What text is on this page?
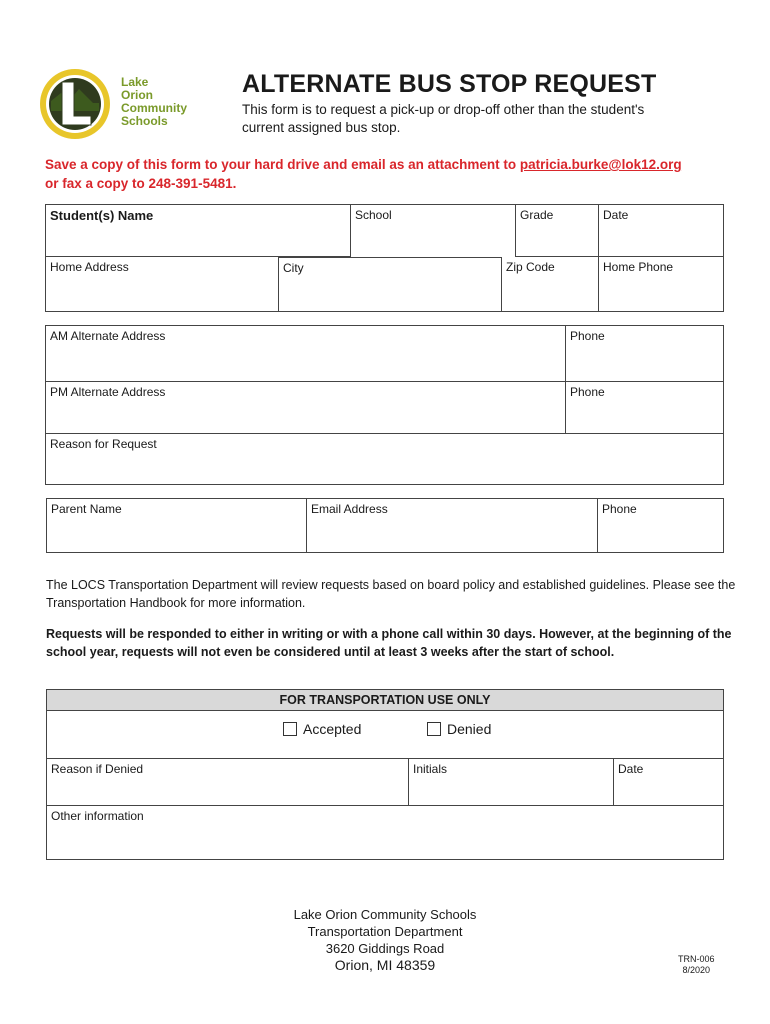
Lake
Orion
Community
Schools
ALTERNATE BUS STOP REQUEST
This form is to request a pick-up or drop-off other than the student's current assigned bus stop.
Save a copy of this form to your hard drive and email as an attachment to patricia.burke@lok12.org
or fax a copy to 248-391-5481.
Student(s) Name	School	Grade	Date
Home Address	City	Zip Code	Home Phone
AM Alternate Address	Phone
PM Alternate Address	Phone
Reason for Request
Parent Name	Email Address	Phone
The LOCS Transportation Department will review requests based on board policy and established guidelines. Please see the Transportation Handbook for more information.
Requests will be responded to either in writing or with a phone call within 30 days. However, at the beginning of the school year, requests will not even be considered until at least 3 weeks after the start of school.
FOR TRANSPORTATION USE ONLY
Accepted	Denied
Reason if Denied	Initials	Date
Other information
Lake Orion Community Schools
Transportation Department
3620 Giddings Road
Orion, MI 48359	TRN-006
8/2020
